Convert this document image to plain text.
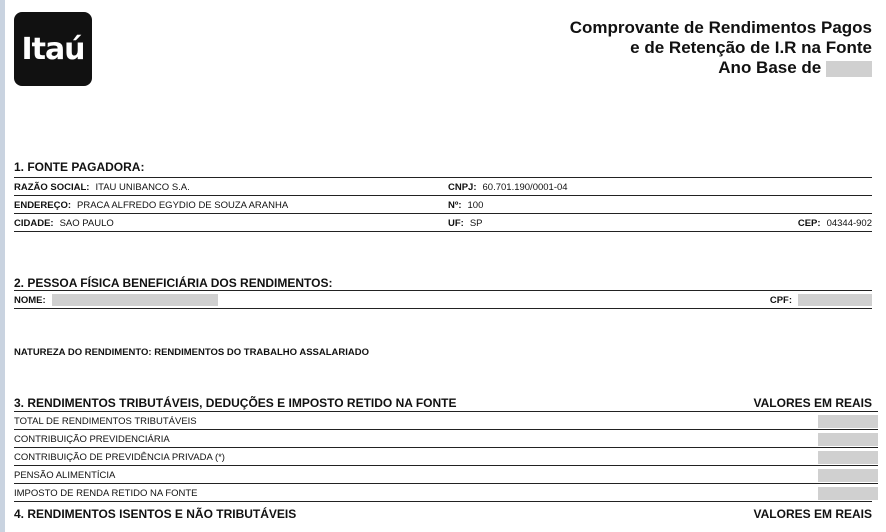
Itaú
Comprovante de Rendimentos Pagos
e de Retenção de I.R na Fonte
Ano Base de
1. FONTE PAGADORA:
RAZÃO SOCIAL: ITAU UNIBANCO S.A.	CNPJ: 60.701.190/0001-04
ENDEREÇO: PRACA ALFREDO EGYDIO DE SOUZA ARANHA	Nº: 100
CIDADE: SAO PAULO	UF: SP	CEP: 04344-902
2. PESSOA FÍSICA BENEFICIÁRIA DOS RENDIMENTOS:
NOME:	CPF:
NATUREZA DO RENDIMENTO: RENDIMENTOS DO TRABALHO ASSALARIADO
3. RENDIMENTOS TRIBUTÁVEIS, DEDUÇÕES E IMPOSTO RETIDO NA FONTE	VALORES EM REAIS
TOTAL DE RENDIMENTOS TRIBUTÁVEIS
CONTRIBUIÇÃO PREVIDENCIÁRIA
CONTRIBUIÇÃO DE PREVIDÊNCIA PRIVADA (*)
PENSÃO ALIMENTÍCIA
IMPOSTO DE RENDA RETIDO NA FONTE
4. RENDIMENTOS ISENTOS E NÃO TRIBUTÁVEIS	VALORES EM REAIS
